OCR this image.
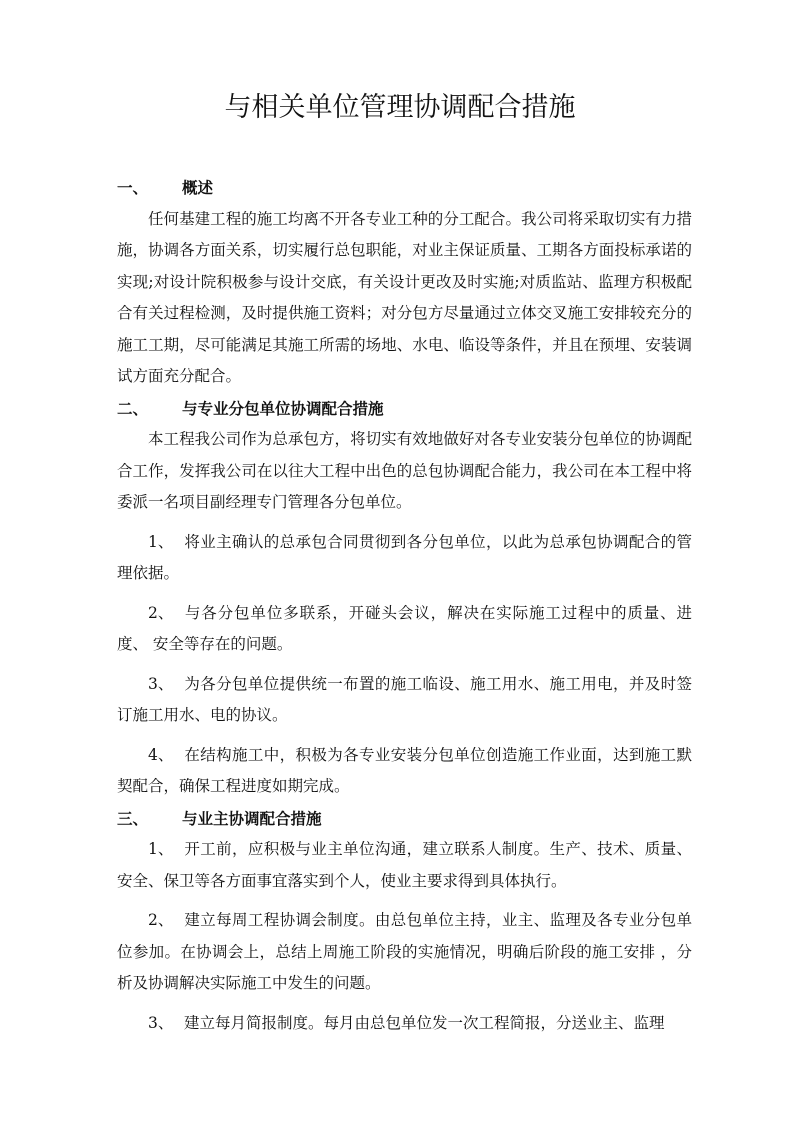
与相关单位管理协调配合措施

一、 概述

任何基建工程的施工均离不开各专业工种的分工配合。我公司将采取切实有力措施，协调各方面关系，切实履行总包职能，对业主保证质量、工期各方面投标承诺的实现;对设计院积极参与设计交底，有关设计更改及时实施;对质监站、监理方积极配合有关过程检测，及时提供施工资料；对分包方尽量通过立体交叉施工安排较充分的施工工期，尽可能满足其施工所需的场地、水电、临设等条件，并且在预埋、安装调试方面充分配合。

二、 与专业分包单位协调配合措施

本工程我公司作为总承包方，将切实有效地做好对各专业安装分包单位的协调配合工作，发挥我公司在以往大工程中出色的总包协调配合能力，我公司在本工程中将委派一名项目副经理专门管理各分包单位。

1、 将业主确认的总承包合同贯彻到各分包单位，以此为总承包协调配合的管 理依据。

2、 与各分包单位多联系，开碰头会议，解决在实际施工过程中的质量、进度、 安全等存在的问题。

3、 为各分包单位提供统一布置的施工临设、施工用水、施工用电，并及时签 订施工用水、电的协议。

4、 在结构施工中，积极为各专业安装分包单位创造施工作业面，达到施工默 契配合，确保工程进度如期完成。

三、 与业主协调配合措施

1、 开工前，应积极与业主单位沟通，建立联系人制度。生产、技术、质量、安全、保卫等各方面事宜落实到个人，使业主要求得到具体执行。

2、 建立每周工程协调会制度。由总包单位主持，业主、监理及各专业分包单 位参加。在协调会上，总结上周施工阶段的实施情况，明确后阶段的施工安排 ，分析及协调解决实际施工中发生的问题。

3、 建立每月简报制度。每月由总包单位发一次工程简报，分送业主、监理
